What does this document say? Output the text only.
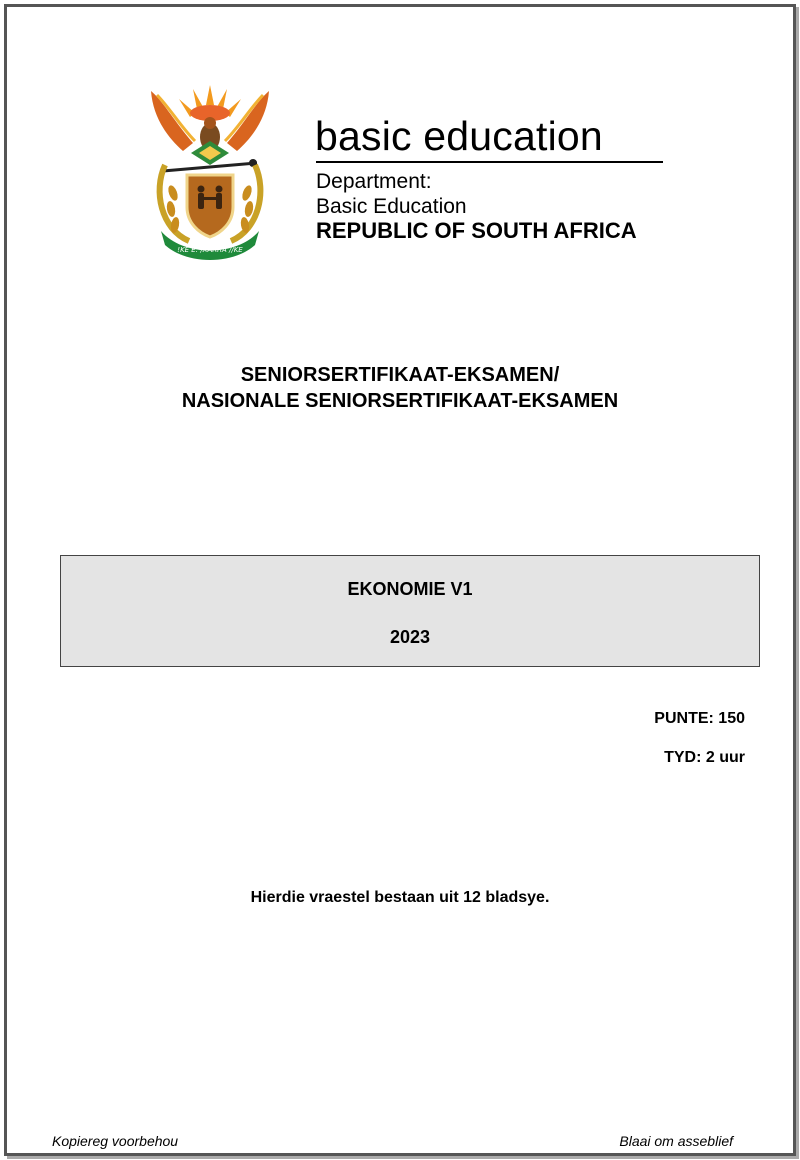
!KE E: /XARRA //KE
basic education
Department:
Basic Education
REPUBLIC OF SOUTH AFRICA
SENIORSERTIFIKAAT-EKSAMEN/
NASIONALE SENIORSERTIFIKAAT-EKSAMEN
EKONOMIE V1
2023
PUNTE: 150
TYD: 2 uur
Hierdie vraestel bestaan uit 12 bladsye.
Kopiereg voorbehou	Blaai om asseblief
